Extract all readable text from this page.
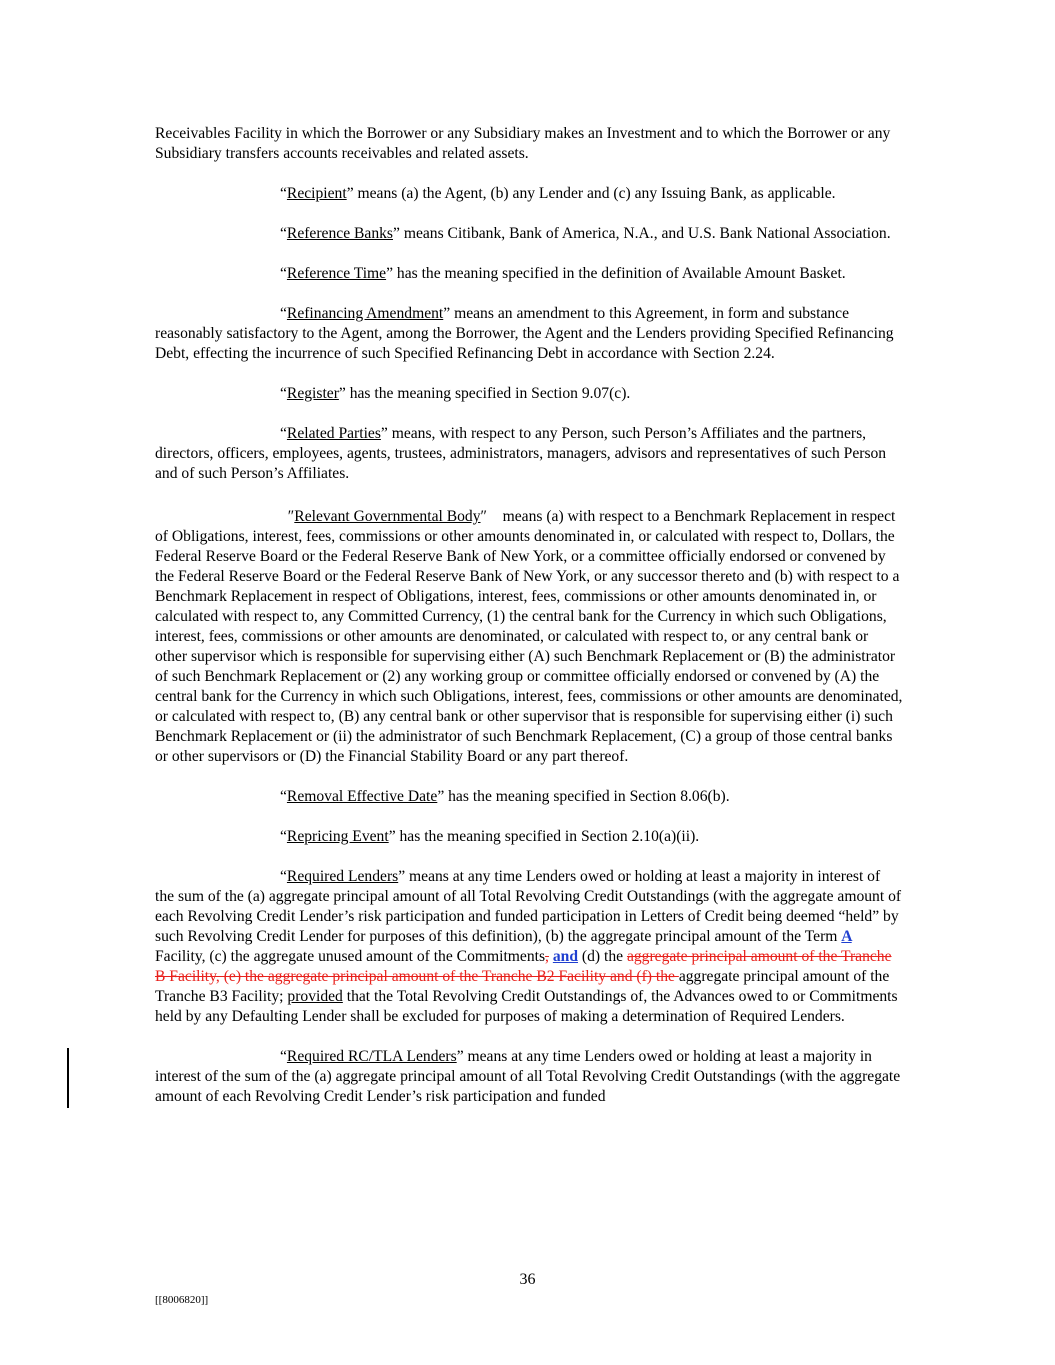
Receivables Facility in which the Borrower or any Subsidiary makes an Investment and to which the Borrower or any Subsidiary transfers accounts receivables and related assets.

“Recipient” means (a) the Agent, (b) any Lender and (c) any Issuing Bank, as applicable.

“Reference Banks” means Citibank, Bank of America, N.A., and U.S. Bank National Association.

“Reference Time” has the meaning specified in the definition of Available Amount Basket.

“Refinancing Amendment” means an amendment to this Agreement, in form and substance reasonably satisfactory to the Agent, among the Borrower, the Agent and the Lenders providing Specified Refinancing Debt, effecting the incurrence of such Specified Refinancing Debt in accordance with Section 2.24.

“Register” has the meaning specified in Section 9.07(c).

“Related Parties” means, with respect to any Person, such Person’s Affiliates and the partners, directors, officers, employees, agents, trustees, administrators, managers, advisors and representatives of such Person and of such Person’s Affiliates.

″Relevant Governmental Body″    means (a) with respect to a Benchmark Replacement in respect of Obligations, interest, fees, commissions or other amounts denominated in, or calculated with respect to, Dollars, the Federal Reserve Board or the Federal Reserve Bank of New York, or a committee officially endorsed or convened by the Federal Reserve Board or the Federal Reserve Bank of New York, or any successor thereto and (b) with respect to a Benchmark Replacement in respect of Obligations, interest, fees, commissions or other amounts denominated in, or calculated with respect to, any Committed Currency, (1) the central bank for the Currency in which such Obligations, interest, fees, commissions or other amounts are denominated, or calculated with respect to, or any central bank or other supervisor which is responsible for supervising either (A) such Benchmark Replacement or (B) the administrator of such Benchmark Replacement or (2) any working group or committee officially endorsed or convened by (A) the central bank for the Currency in which such Obligations, interest, fees, commissions or other amounts are denominated, or calculated with respect to, (B) any central bank or other supervisor that is responsible for supervising either (i) such Benchmark Replacement or (ii) the administrator of such Benchmark Replacement, (C) a group of those central banks or other supervisors or (D) the Financial Stability Board or any part thereof.

“Removal Effective Date” has the meaning specified in Section 8.06(b).

“Repricing Event” has the meaning specified in Section 2.10(a)(ii).

“Required Lenders” means at any time Lenders owed or holding at least a majority in interest of the sum of the (a) aggregate principal amount of all Total Revolving Credit Outstandings (with the aggregate amount of each Revolving Credit Lender’s risk participation and funded participation in Letters of Credit being deemed “held” by such Revolving Credit Lender for purposes of this definition), (b) the aggregate principal amount of the Term A Facility, (c) the aggregate unused amount of the Commitments, and (d) the aggregate principal amount of the Tranche B Facility, (e) the aggregate principal amount of the Tranche B2 Facility and (f) the aggregate principal amount of the Tranche B3 Facility; provided that the Total Revolving Credit Outstandings of, the Advances owed to or Commitments held by any Defaulting Lender shall be excluded for purposes of making a determination of Required Lenders.

“Required RC/TLA Lenders” means at any time Lenders owed or holding at least a majority in interest of the sum of the (a) aggregate principal amount of all Total Revolving Credit Outstandings (with the aggregate amount of each Revolving Credit Lender’s risk participation and funded

36
[[8006820]]
